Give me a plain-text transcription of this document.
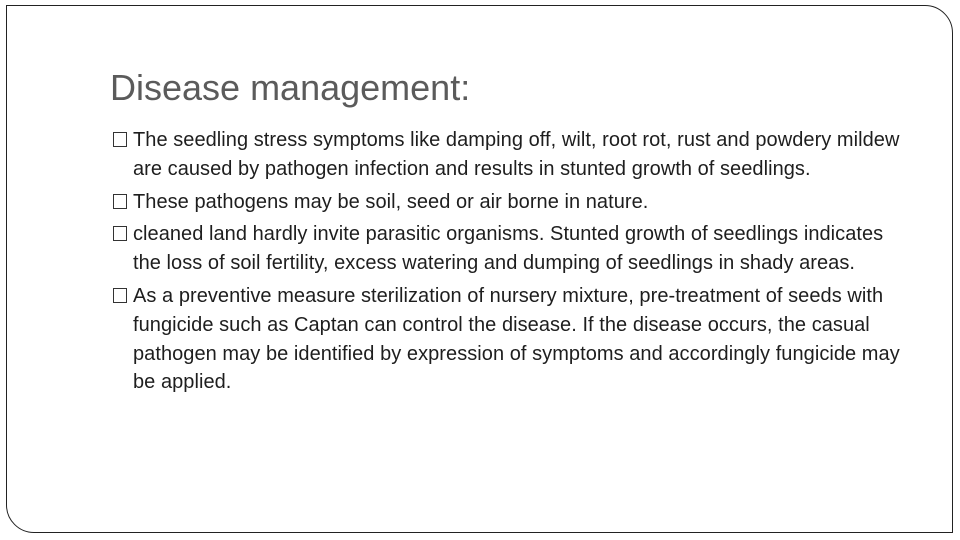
Disease management:
The seedling stress symptoms like damping off, wilt, root rot, rust and powdery mildew are caused by pathogen infection and results in stunted growth of seedlings.
These pathogens may be soil, seed or air borne in nature.
cleaned land hardly invite parasitic organisms. Stunted growth of seedlings indicates the loss of soil fertility, excess watering and dumping of seedlings in shady areas.
As a preventive measure sterilization of nursery mixture, pre-treatment of seeds with fungicide such as Captan can control the disease. If the disease occurs, the casual pathogen may be identified by expression of symptoms and accordingly fungicide may be applied.
